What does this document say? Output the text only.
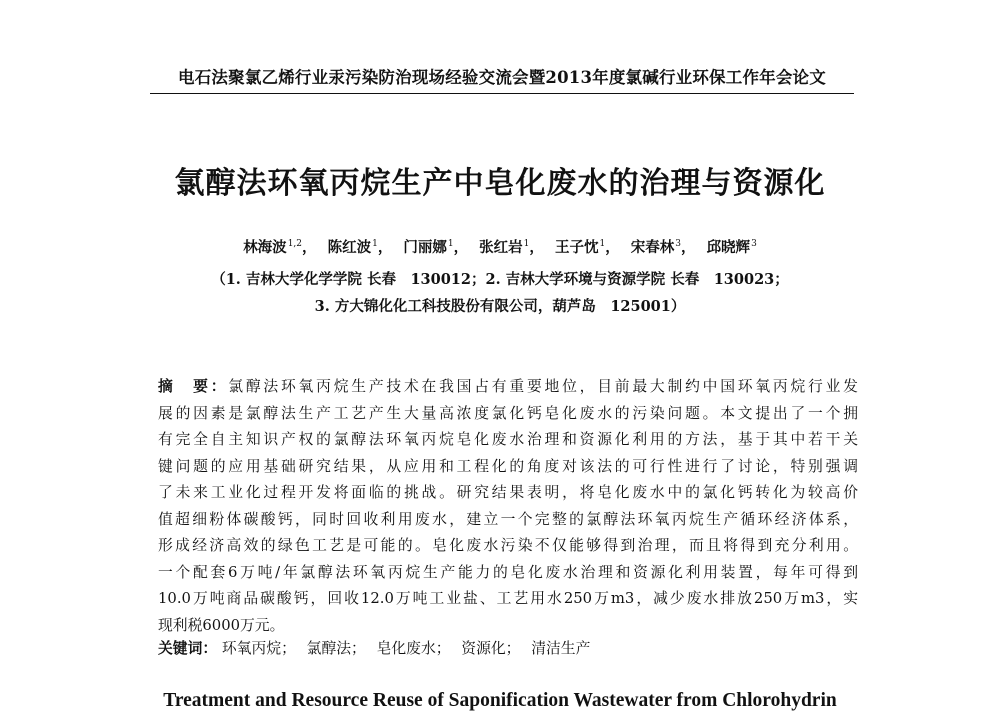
电石法聚氯乙烯行业汞污染防治现场经验交流会暨2013年度氯碱行业环保工作年会论文
氯醇法环氧丙烷生产中皂化废水的治理与资源化
林海波$^{1,2}$， 陈红波$^1$， 门丽娜$^1$， 张红岩$^1$， 王子忱$^1$， 宋春林$^3$， 邱晓辉$^3$
（1. 吉林大学化学学院 长春　130012；2. 吉林大学环境与资源学院 长春　130023；
3. 方大锦化化工科技股份有限公司，葫芦岛　125001）
摘　要：氯醇法环氧丙烷生产技术在我国占有重要地位，目前最大制约中国环氧丙烷行业发
展的因素是氯醇法生产工艺产生大量高浓度氯化钙皂化废水的污染问题。本文提出了一个拥
有完全自主知识产权的氯醇法环氧丙烷皂化废水治理和资源化利用的方法，基于其中若干关
键问题的应用基础研究结果，从应用和工程化的角度对该法的可行性进行了讨论，特别强调
了未来工业化过程开发将面临的挑战。研究结果表明，将皂化废水中的氯化钙转化为较高价
值超细粉体碳酸钙，同时回收利用废水，建立一个完整的氯醇法环氧丙烷生产循环经济体系，
形成经济高效的绿色工艺是可能的。皂化废水污染不仅能够得到治理，而且将得到充分利用。
一个配套6万吨/年氯醇法环氧丙烷生产能力的皂化废水治理和资源化利用装置，每年可得到
10.0万吨商品碳酸钙，回收12.0万吨工业盐、工艺用水250万m3，减少废水排放250万m3，实
现利税6000万元。
关键词： 环氧丙烷； 氯醇法； 皂化废水； 资源化； 清洁生产
Treatment and Resource Reuse of Saponification Wastewater from Chlorohydrin
